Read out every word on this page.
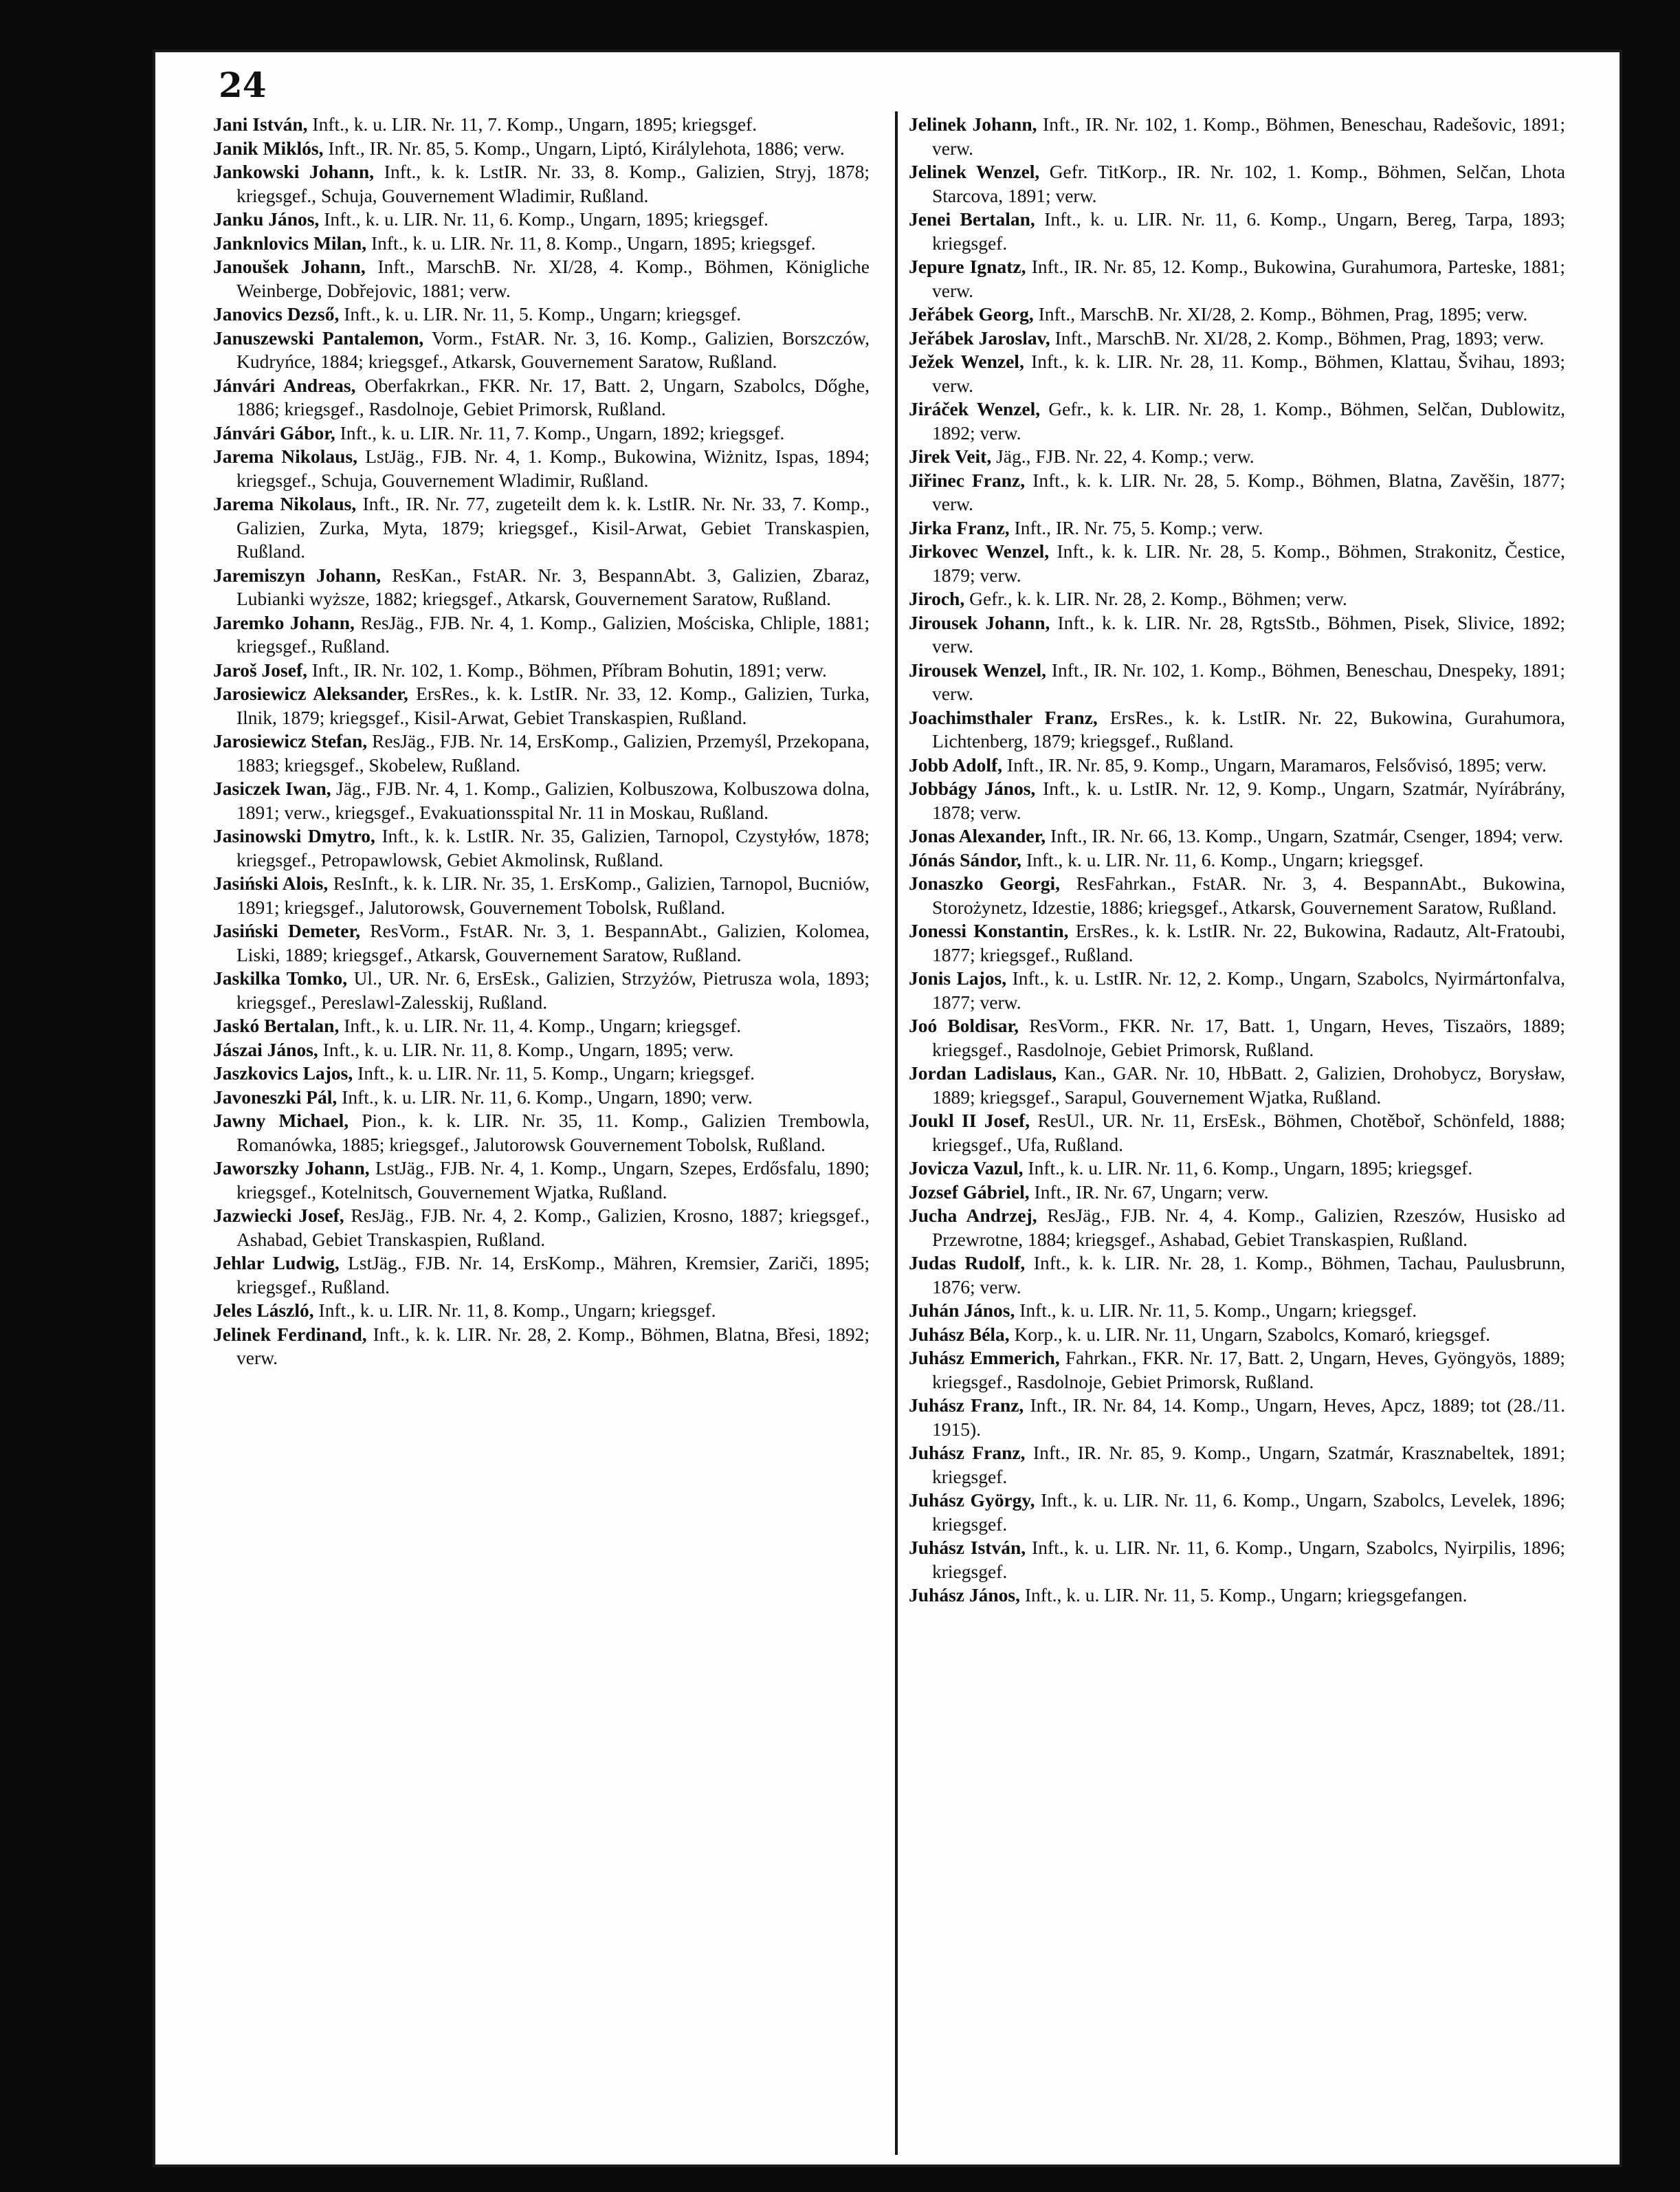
24

Jani István, Inft., k. u. LIR. Nr. 11, 7. Komp., Ungarn, 1895; kriegsgef.

Janik Miklós, Inft., IR. Nr. 85, 5. Komp., Ungarn, Liptó, Királylehota, 1886; verw.

Jankowski Johann, Inft., k. k. LstIR. Nr. 33, 8. Komp., Galizien, Stryj, 1878; kriegsgef., Schuja, Gouvernement Wladimir, Rußland.

Janku János, Inft., k. u. LIR. Nr. 11, 6. Komp., Ungarn, 1895; kriegsgef.

Janknlovics Milan, Inft., k. u. LIR. Nr. 11, 8. Komp., Ungarn, 1895; kriegsgef.

Janoušek Johann, Inft., MarschB. Nr. XI/28, 4. Komp., Böhmen, Königliche Weinberge, Dobřejovic, 1881; verw.

Janovics Dezső, Inft., k. u. LIR. Nr. 11, 5. Komp., Ungarn; kriegsgef.

Januszewski Pantalemon, Vorm., FstAR. Nr. 3, 16. Komp., Galizien, Borszczów, Kudryńce, 1884; kriegsgef., Atkarsk, Gouvernement Saratow, Rußland.

Jánvári Andreas, Oberfakrkan., FKR. Nr. 17, Batt. 2, Ungarn, Szabolcs, Dőghe, 1886; kriegsgef., Rasdolnoje, Gebiet Primorsk, Rußland.

Jánvári Gábor, Inft., k. u. LIR. Nr. 11, 7. Komp., Ungarn, 1892; kriegsgef.

Jarema Nikolaus, LstJäg., FJB. Nr. 4, 1. Komp., Bukowina, Wiżnitz, Ispas, 1894; kriegsgef., Schuja, Gouvernement Wladimir, Rußland.

Jarema Nikolaus, Inft., IR. Nr. 77, zugeteilt dem k. k. LstIR. Nr. Nr. 33, 7. Komp., Galizien, Zurka, Myta, 1879; kriegsgef., Kisil-Arwat, Gebiet Transkaspien, Rußland.

Jaremiszyn Johann, ResKan., FstAR. Nr. 3, BespannAbt. 3, Galizien, Zbaraz, Lubianki wyższe, 1882; kriegsgef., Atkarsk, Gouvernement Saratow, Rußland.

Jaremko Johann, ResJäg., FJB. Nr. 4, 1. Komp., Galizien, Mościska, Chliple, 1881; kriegsgef., Rußland.

Jaroš Josef, Inft., IR. Nr. 102, 1. Komp., Böhmen, Příbram Bohutin, 1891; verw.

Jarosiewicz Aleksander, ErsRes., k. k. LstIR. Nr. 33, 12. Komp., Galizien, Turka, Ilnik, 1879; kriegsgef., Kisil-Arwat, Gebiet Transkaspien, Rußland.

Jarosiewicz Stefan, ResJäg., FJB. Nr. 14, ErsKomp., Galizien, Przemyśl, Przekopana, 1883; kriegsgef., Skobelew, Rußland.

Jasiczek Iwan, Jäg., FJB. Nr. 4, 1. Komp., Galizien, Kolbuszowa, Kolbuszowa dolna, 1891; verw., kriegsgef., Evakuationsspital Nr. 11 in Moskau, Rußland.

Jasinowski Dmytro, Inft., k. k. LstIR. Nr. 35, Galizien, Tarnopol, Czystyłów, 1878; kriegsgef., Petropawlowsk, Gebiet Akmolinsk, Rußland.

Jasiński Alois, ResInft., k. k. LIR. Nr. 35, 1. ErsKomp., Galizien, Tarnopol, Bucniów, 1891; kriegsgef., Jalutorowsk, Gouvernement Tobolsk, Rußland.

Jasiński Demeter, ResVorm., FstAR. Nr. 3, 1. BespannAbt., Galizien, Kolomea, Liski, 1889; kriegsgef., Atkarsk, Gouvernement Saratow, Rußland.

Jaskilka Tomko, Ul., UR. Nr. 6, ErsEsk., Galizien, Strzyżów, Pietrusza wola, 1893; kriegsgef., Pereslawl-Zalesskij, Rußland.

Jaskó Bertalan, Inft., k. u. LIR. Nr. 11, 4. Komp., Ungarn; kriegsgef.

Jászai János, Inft., k. u. LIR. Nr. 11, 8. Komp., Ungarn, 1895; verw.

Jaszkovics Lajos, Inft., k. u. LIR. Nr. 11, 5. Komp., Ungarn; kriegsgef.

Javoneszki Pál, Inft., k. u. LIR. Nr. 11, 6. Komp., Ungarn, 1890; verw.

Jawny Michael, Pion., k. k. LIR. Nr. 35, 11. Komp., Galizien Trembowla, Romanówka, 1885; kriegsgef., Jalutorowsk Gouvernement Tobolsk, Rußland.

Jaworszky Johann, LstJäg., FJB. Nr. 4, 1. Komp., Ungarn, Szepes, Erdősfalu, 1890; kriegsgef., Kotelnitsch, Gouvernement Wjatka, Rußland.

Jazwiecki Josef, ResJäg., FJB. Nr. 4, 2. Komp., Galizien, Krosno, 1887; kriegsgef., Ashabad, Gebiet Transkaspien, Rußland.

Jehlar Ludwig, LstJäg., FJB. Nr. 14, ErsKomp., Mähren, Kremsier, Zariči, 1895; kriegsgef., Rußland.

Jeles László, Inft., k. u. LIR. Nr. 11, 8. Komp., Ungarn; kriegsgef.

Jelinek Ferdinand, Inft., k. k. LIR. Nr. 28, 2. Komp., Böhmen, Blatna, Břesi, 1892; verw.

Jelinek Johann, Inft., IR. Nr. 102, 1. Komp., Böhmen, Beneschau, Radešovic, 1891; verw.

Jelinek Wenzel, Gefr. TitKorp., IR. Nr. 102, 1. Komp., Böhmen, Selčan, Lhota Starcova, 1891; verw.

Jenei Bertalan, Inft., k. u. LIR. Nr. 11, 6. Komp., Ungarn, Bereg, Tarpa, 1893; kriegsgef.

Jepure Ignatz, Inft., IR. Nr. 85, 12. Komp., Bukowina, Gurahumora, Parteske, 1881; verw.

Jeřábek Georg, Inft., MarschB. Nr. XI/28, 2. Komp., Böhmen, Prag, 1895; verw.

Jeřábek Jaroslav, Inft., MarschB. Nr. XI/28, 2. Komp., Böhmen, Prag, 1893; verw.

Ježek Wenzel, Inft., k. k. LIR. Nr. 28, 11. Komp., Böhmen, Klattau, Švihau, 1893; verw.

Jiráček Wenzel, Gefr., k. k. LIR. Nr. 28, 1. Komp., Böhmen, Selčan, Dublowitz, 1892; verw.

Jirek Veit, Jäg., FJB. Nr. 22, 4. Komp.; verw.

Jiřinec Franz, Inft., k. k. LIR. Nr. 28, 5. Komp., Böhmen, Blatna, Zavěšin, 1877; verw.

Jirka Franz, Inft., IR. Nr. 75, 5. Komp.; verw.

Jirkovec Wenzel, Inft., k. k. LIR. Nr. 28, 5. Komp., Böhmen, Strakonitz, Čestice, 1879; verw.

Jiroch, Gefr., k. k. LIR. Nr. 28, 2. Komp., Böhmen; verw.

Jirousek Johann, Inft., k. k. LIR. Nr. 28, RgtsStb., Böhmen, Pisek, Slivice, 1892; verw.

Jirousek Wenzel, Inft., IR. Nr. 102, 1. Komp., Böhmen, Beneschau, Dnespeky, 1891; verw.

Joachimsthaler Franz, ErsRes., k. k. LstIR. Nr. 22, Bukowina, Gurahumora, Lichtenberg, 1879; kriegsgef., Rußland.

Jobb Adolf, Inft., IR. Nr. 85, 9. Komp., Ungarn, Maramaros, Felsővisó, 1895; verw.

Jobbágy János, Inft., k. u. LstIR. Nr. 12, 9. Komp., Ungarn, Szatmár, Nyírábrány, 1878; verw.

Jonas Alexander, Inft., IR. Nr. 66, 13. Komp., Ungarn, Szatmár, Csenger, 1894; verw.

Jónás Sándor, Inft., k. u. LIR. Nr. 11, 6. Komp., Ungarn; kriegsgef.

Jonaszko Georgi, ResFahrkan., FstAR. Nr. 3, 4. BespannAbt., Bukowina, Storożynetz, Idzestie, 1886; kriegsgef., Atkarsk, Gouvernement Saratow, Rußland.

Jonessi Konstantin, ErsRes., k. k. LstIR. Nr. 22, Bukowina, Radautz, Alt-Fratoubi, 1877; kriegsgef., Rußland.

Jonis Lajos, Inft., k. u. LstIR. Nr. 12, 2. Komp., Ungarn, Szabolcs, Nyirmártonfalva, 1877; verw.

Joó Boldisar, ResVorm., FKR. Nr. 17, Batt. 1, Ungarn, Heves, Tiszaörs, 1889; kriegsgef., Rasdolnoje, Gebiet Primorsk, Rußland.

Jordan Ladislaus, Kan., GAR. Nr. 10, HbBatt. 2, Galizien, Drohobycz, Borysław, 1889; kriegsgef., Sarapul, Gouvernement Wjatka, Rußland.

Joukl II Josef, ResUl., UR. Nr. 11, ErsEsk., Böhmen, Chotěboř, Schönfeld, 1888; kriegsgef., Ufa, Rußland.

Jovicza Vazul, Inft., k. u. LIR. Nr. 11, 6. Komp., Ungarn, 1895; kriegsgef.

Jozsef Gábriel, Inft., IR. Nr. 67, Ungarn; verw.

Jucha Andrzej, ResJäg., FJB. Nr. 4, 4. Komp., Galizien, Rzeszów, Husisko ad Przewrotne, 1884; kriegsgef., Ashabad, Gebiet Transkaspien, Rußland.

Judas Rudolf, Inft., k. k. LIR. Nr. 28, 1. Komp., Böhmen, Tachau, Paulusbrunn, 1876; verw.

Juhán János, Inft., k. u. LIR. Nr. 11, 5. Komp., Ungarn; kriegsgef.

Juhász Béla, Korp., k. u. LIR. Nr. 11, Ungarn, Szabolcs, Komaró, kriegsgef.

Juhász Emmerich, Fahrkan., FKR. Nr. 17, Batt. 2, Ungarn, Heves, Gyöngyös, 1889; kriegsgef., Rasdolnoje, Gebiet Primorsk, Rußland.

Juhász Franz, Inft., IR. Nr. 84, 14. Komp., Ungarn, Heves, Apcz, 1889; tot (28./11. 1915).

Juhász Franz, Inft., IR. Nr. 85, 9. Komp., Ungarn, Szatmár, Krasznabeltek, 1891; kriegsgef.

Juhász György, Inft., k. u. LIR. Nr. 11, 6. Komp., Ungarn, Szabolcs, Levelek, 1896; kriegsgef.

Juhász István, Inft., k. u. LIR. Nr. 11, 6. Komp., Ungarn, Szabolcs, Nyirpilis, 1896; kriegsgef.

Juhász János, Inft., k. u. LIR. Nr. 11, 5. Komp., Ungarn; kriegsgefangen.
